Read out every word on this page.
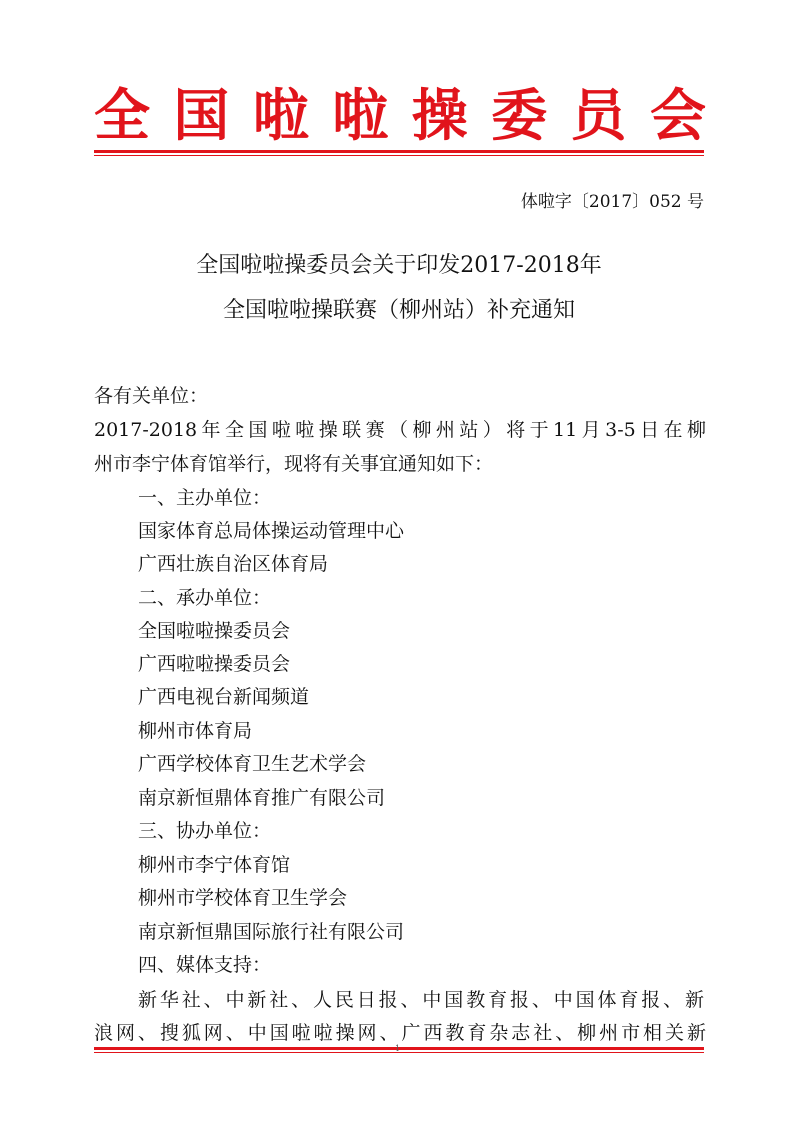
全 国 啦 啦 操 委 员 会
体啦字〔2017〕052 号
全国啦啦操委员会关于印发2017-2018年
全国啦啦操联赛（柳州站）补充通知
各有关单位：
2017-2018年全国啦啦操联赛（柳州站）将于11月3-5日在柳
州市李宁体育馆举行，现将有关事宜通知如下：
一、主办单位：
国家体育总局体操运动管理中心
广西壮族自治区体育局
二、承办单位：
全国啦啦操委员会
广西啦啦操委员会
广西电视台新闻频道
柳州市体育局
广西学校体育卫生艺术学会
南京新恒鼎体育推广有限公司
三、协办单位：
柳州市李宁体育馆
柳州市学校体育卫生学会
南京新恒鼎国际旅行社有限公司
四、媒体支持：
新华社、中新社、人民日报、中国教育报、中国体育报、新
浪网、搜狐网、中国啦啦操网、广西教育杂志社、柳州市相关新
1
